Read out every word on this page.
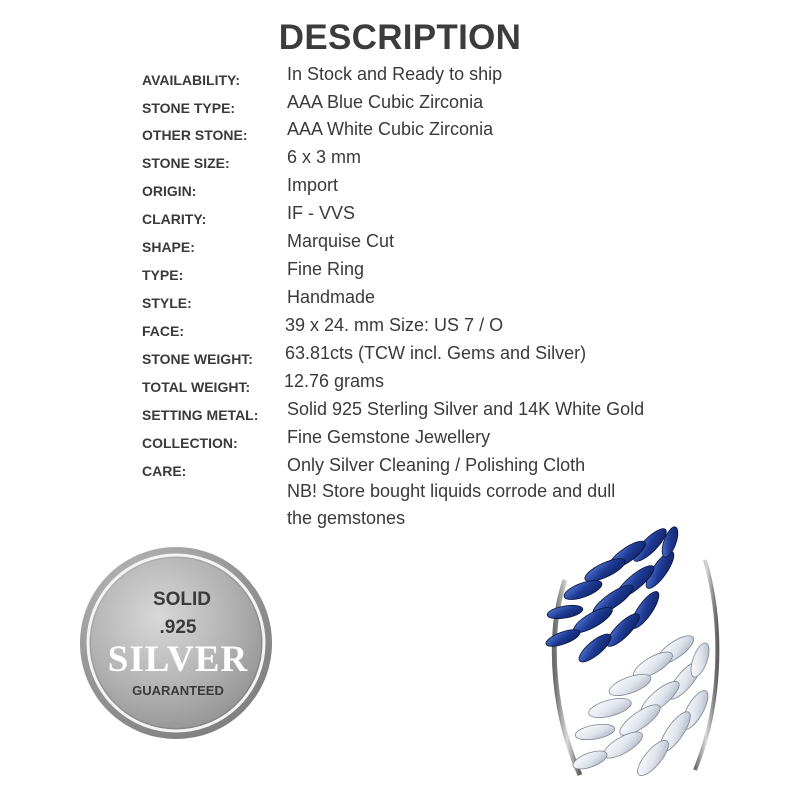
DESCRIPTION
AVAILABILITY:	In Stock and Ready to ship
STONE TYPE:	AAA Blue Cubic Zirconia
OTHER STONE: AAA White Cubic Zirconia
STONE SIZE:	6 x 3 mm
ORIGIN:	Import
CLARITY:	IF - VVS
SHAPE:	Marquise Cut
TYPE:	Fine Ring
STYLE:	Handmade
FACE:	39 x 24. mm Size: US 7 / O
STONE WEIGHT: 63.81cts (TCW incl. Gems and Silver)
TOTAL WEIGHT: 12.76 grams
SETTING METAL: Solid 925 Sterling Silver and 14K White Gold
COLLECTION:	Fine Gemstone Jewellery
CARE:	Only Silver Cleaning / Polishing Cloth
NB! Store bought liquids corrode and dull
the gemstones
SOLID
.925
SILVER
GUARANTEED
